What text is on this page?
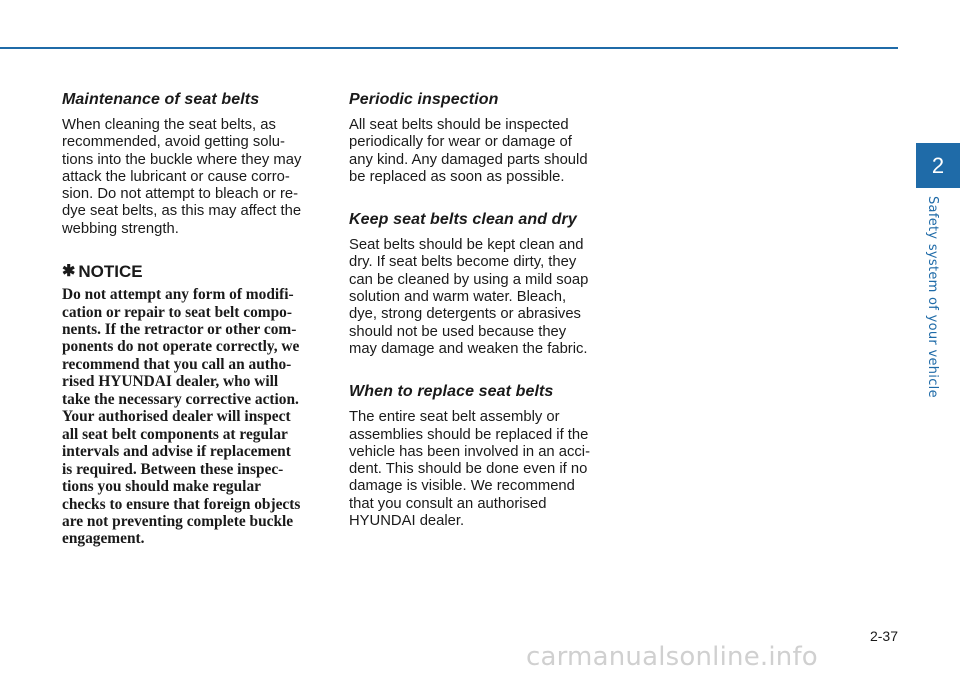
Maintenance of seat belts

When cleaning the seat belts, as
recommended, avoid getting solu-
tions into the buckle where they may
attack the lubricant or cause corro-
sion. Do not attempt to bleach or re-
dye seat belts, as this may affect the
webbing strength.

✱ NOTICE

Do not attempt any form of modifi-
cation or repair to seat belt compo-
nents. If the retractor or other com-
ponents do not operate correctly, we
recommend that you call an autho-
rised HYUNDAI dealer, who will
take the necessary corrective action.
Your authorised dealer will inspect
all seat belt components at regular
intervals and advise if replacement
is required. Between these inspec-
tions you should make regular
checks to ensure that foreign objects
are not preventing complete buckle
engagement.

Periodic inspection

All seat belts should be inspected
periodically for wear or damage of
any kind. Any damaged parts should
be replaced as soon as possible.

Keep seat belts clean and dry

Seat belts should be kept clean and
dry. If seat belts become dirty, they
can be cleaned by using a mild soap
solution and warm water. Bleach,
dye, strong detergents or abrasives
should not be used because they
may damage and weaken the fabric.

When to replace seat belts

The entire seat belt assembly or
assemblies should be replaced if the
vehicle has been involved in an acci-
dent. This should be done even if no
damage is visible. We recommend
that you consult an authorised
HYUNDAI dealer.

2
Safety system of your vehicle
2-37
carmanualsonline.info
